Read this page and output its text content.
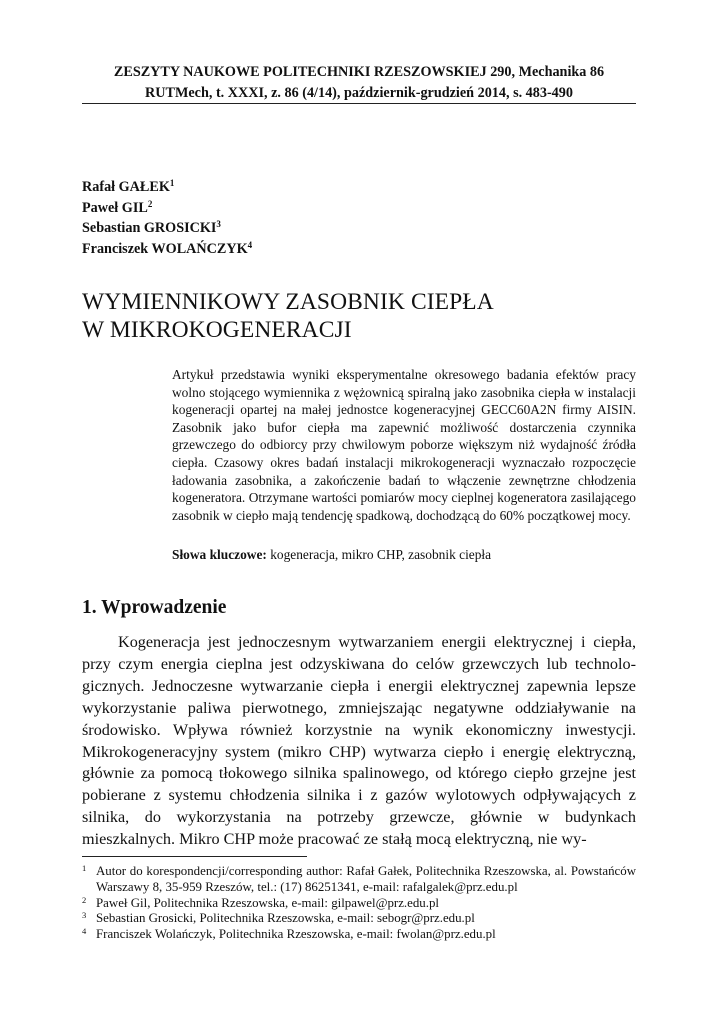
ZESZYTY NAUKOWE POLITECHNIKI RZESZOWSKIEJ 290, Mechanika 86
RUTMech, t. XXXI, z. 86 (4/14), październik-grudzień 2014, s. 483-490
Rafał GAŁEK$^1$
Paweł GIL$^2$
Sebastian GROSICKI$^3$
Franciszek WOLAŃCZYK$^4$
WYMIENNIKOWY ZASOBNIK CIEPŁA
W MIKROKOGENERACJI

Artykuł przedstawia wyniki eksperymentalne okresowego badania efektów pracy wolno stojącego wymiennika z wężownicą spiralną jako zasobnika ciepła w instalacji kogeneracji opartej na małej jednostce kogeneracyjnej GECC60A2N firmy AISIN. Zasobnik jako bufor ciepła ma zapewnić możliwość dostarczenia czynnika grzewczego do odbiorcy przy chwilowym poborze większym niż wydajność źródła ciepła. Czasowy okres badań instalacji mikrokogeneracji wyznaczało rozpoczęcie ładowania zasobnika, a zakończenie badań to włączenie zewnętrzne chłodzenia kogeneratora. Otrzymane wartości pomiarów mocy cieplnej kogeneratora zasilającego zasobnik w ciepło mają tendencję spadkową, dochodzącą do 60% początkowej mocy.

Słowa kluczowe: kogeneracja, mikro CHP, zasobnik ciepła

1. Wprowadzenie

Kogeneracja jest jednoczesnym wytwarzaniem energii elektrycznej i ciepła, przy czym energia cieplna jest odzyskiwana do celów grzewczych lub technologicznych. Jednoczesne wytwarzanie ciepła i energii elektrycznej zapewnia lepsze wykorzystanie paliwa pierwotnego, zmniejszając negatywne oddziaływanie na środowisko. Wpływa również korzystnie na wynik ekonomiczny inwestycji. Mikrokogeneracyjny system (mikro CHP) wytwarza ciepło i energię elektryczną, głównie za pomocą tłokowego silnika spalinowego, od którego ciepło grzejne jest pobierane z systemu chłodzenia silnika i z gazów wylotowych odpływających z silnika, do wykorzystania na potrzeby grzewcze, głównie w budynkach mieszkalnych. Mikro CHP może pracować ze stałą mocą elektryczną, nie wy-

1 Autor do korespondencji/corresponding author: Rafał Gałek, Politechnika Rzeszowska, al. Powstańców Warszawy 8, 35-959 Rzeszów, tel.: (17) 86251341, e-mail: rafalgalek@prz.edu.pl
2 Paweł Gil, Politechnika Rzeszowska, e-mail: gilpawel@prz.edu.pl
3 Sebastian Grosicki, Politechnika Rzeszowska, e-mail: sebogr@prz.edu.pl
4 Franciszek Wolańczyk, Politechnika Rzeszowska, e-mail: fwolan@prz.edu.pl
